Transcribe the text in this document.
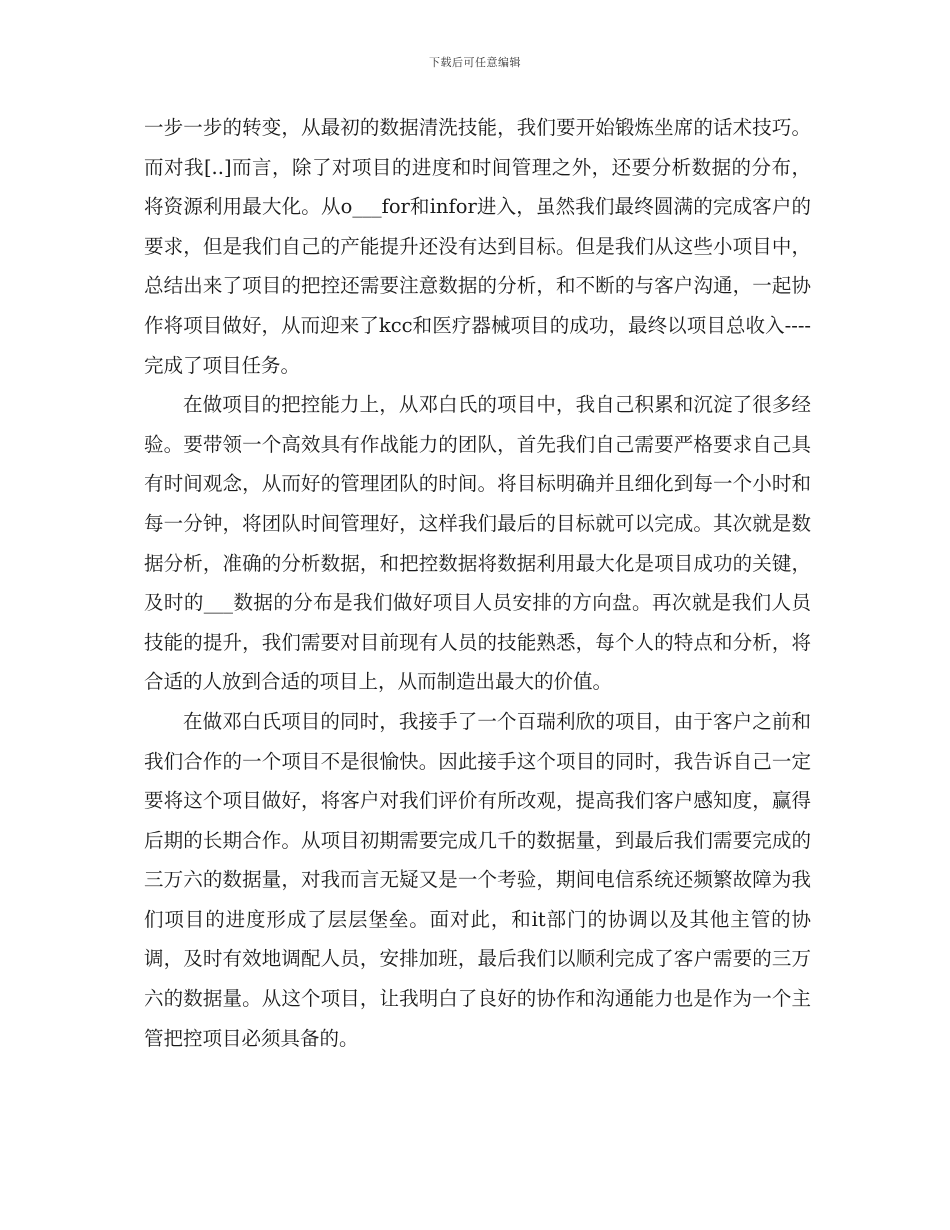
下载后可任意编辑

一步一步的转变，从最初的数据清洗技能，我们要开始锻炼坐席的话术技巧。而对我[..]而言，除了对项目的进度和时间管理之外，还要分析数据的分布，将资源利用最大化。从o___for和infor进入，虽然我们最终圆满的完成客户的要求，但是我们自己的产能提升还没有达到目标。但是我们从这些小项目中，总结出来了项目的把控还需要注意数据的分析，和不断的与客户沟通，一起协作将项目做好，从而迎来了kcc和医疗器械项目的成功，最终以项目总收入----完成了项目任务。

在做项目的把控能力上，从邓白氏的项目中，我自己积累和沉淀了很多经验。要带领一个高效具有作战能力的团队，首先我们自己需要严格要求自己具有时间观念，从而好的管理团队的时间。将目标明确并且细化到每一个小时和每一分钟，将团队时间管理好，这样我们最后的目标就可以完成。其次就是数据分析，准确的分析数据，和把控数据将数据利用最大化是项目成功的关键，及时的___数据的分布是我们做好项目人员安排的方向盘。再次就是我们人员技能的提升，我们需要对目前现有人员的技能熟悉，每个人的特点和分析，将合适的人放到合适的项目上，从而制造出最大的价值。

在做邓白氏项目的同时，我接手了一个百瑞利欣的项目，由于客户之前和我们合作的一个项目不是很愉快。因此接手这个项目的同时，我告诉自己一定要将这个项目做好，将客户对我们评价有所改观，提高我们客户感知度，赢得后期的长期合作。从项目初期需要完成几千的数据量，到最后我们需要完成的三万六的数据量，对我而言无疑又是一个考验，期间电信系统还频繁故障为我们项目的进度形成了层层堡垒。面对此，和it部门的协调以及其他主管的协调，及时有效地调配人员，安排加班，最后我们以顺利完成了客户需要的三万六的数据量。从这个项目，让我明白了良好的协作和沟通能力也是作为一个主管把控项目必须具备的。
